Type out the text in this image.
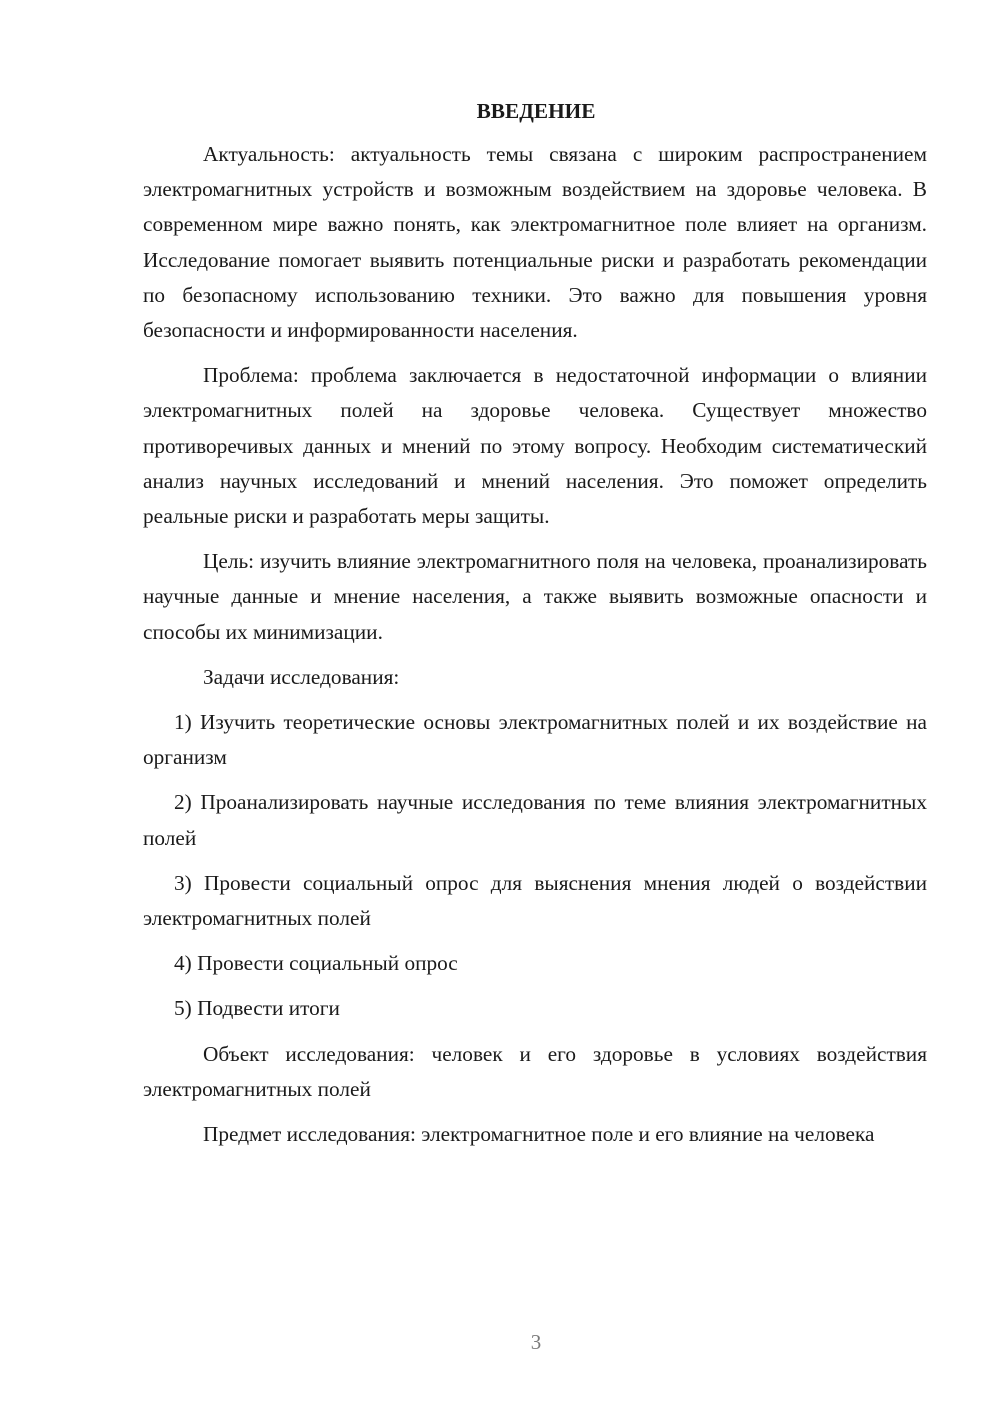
ВВЕДЕНИЕ

Актуальность: актуальность темы связана с широким распространением электромагнитных устройств и возможным воздействием на здоровье человека. В современном мире важно понять, как электромагнитное поле влияет на организм. Исследование помогает выявить потенциальные риски и разработать рекомендации по безопасному использованию техники. Это важно для повышения уровня безопасности и информированности населения.

Проблема: проблема заключается в недостаточной информации о влиянии электромагнитных полей на здоровье человека. Существует множество противоречивых данных и мнений по этому вопросу. Необходим систематический анализ научных исследований и мнений населения. Это поможет определить реальные риски и разработать меры защиты.

Цель: изучить влияние электромагнитного поля на человека, проанализировать научные данные и мнение населения, а также выявить возможные опасности и способы их минимизации.

Задачи исследования:

1) Изучить теоретические основы электромагнитных полей и их воздействие на организм

2) Проанализировать научные исследования по теме влияния электромагнитных полей

3) Провести социальный опрос для выяснения мнения людей о воздействии электромагнитных полей

4) Провести социальный опрос

5) Подвести итоги

Объект исследования: человек и его здоровье в условиях воздействия электромагнитных полей

Предмет исследования: электромагнитное поле и его влияние на человека

3
